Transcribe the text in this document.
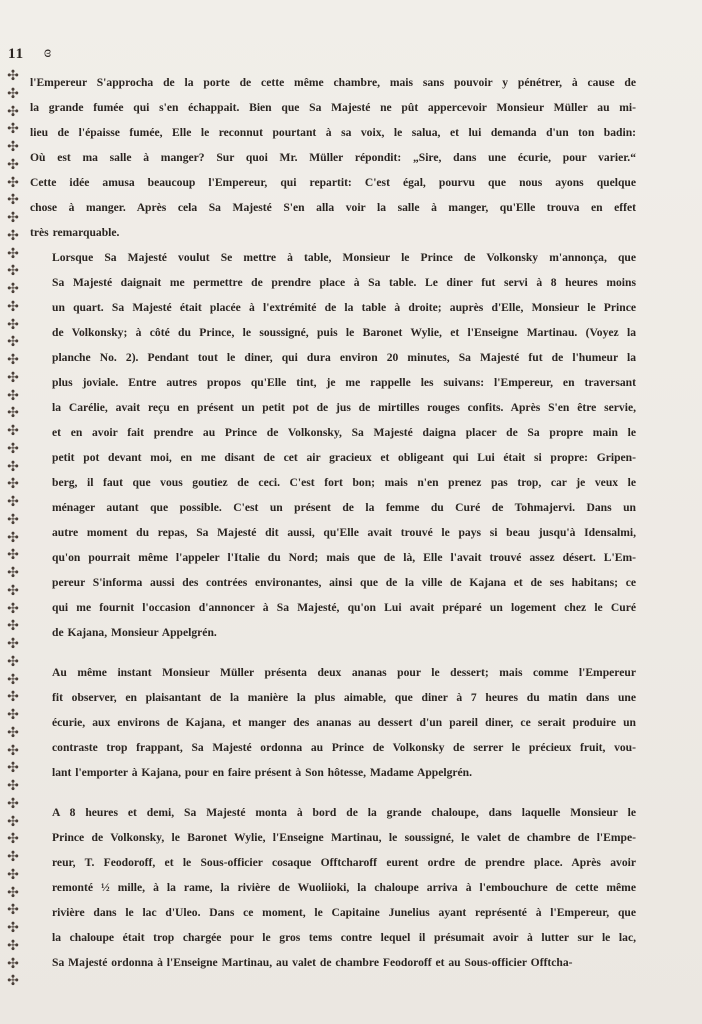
11 ɞ
✣
✣
✣
✣
✣
✣
✣
✣
✣
✣
✣
✣
✣
✣
✣
✣
✣
✣
✣
✣
✣
✣
✣
✣
✣
✣
✣
✣
✣
✣
✣
✣
✣
✣
✣
✣
✣
✣
✣
✣
✣
✣
✣
✣
✣
✣
✣
✣
✣
✣
✣
✣

l'Empereur S'approcha de la porte de cette même chambre, mais sans pouvoir y pénétrer, à cause de
la grande fumée qui s'en échappait. Bien que Sa Majesté ne pût appercevoir Monsieur Müller au mi-
lieu de l'épaisse fumée, Elle le reconnut pourtant à sa voix, le salua, et lui demanda d'un ton badin:
Où est ma salle à manger? Sur quoi Mr. Müller répondit: „Sire, dans une écurie, pour varier.“
Cette idée amusa beaucoup l'Empereur, qui repartit: C'est égal, pourvu que nous ayons quelque
chose à manger. Après cela Sa Majesté S'en alla voir la salle à manger, qu'Elle trouva en effet
très remarquable.

Lorsque Sa Majesté voulut Se mettre à table, Monsieur le Prince de Volkonsky m'annonça, que
Sa Majesté daignait me permettre de prendre place à Sa table. Le diner fut servi à 8 heures moins
un quart. Sa Majesté était placée à l'extrémité de la table à droite; auprès d'Elle, Monsieur le Prince
de Volkonsky; à côté du Prince, le soussigné, puis le Baronet Wylie, et l'Enseigne Martinau. (Voyez la
planche No. 2). Pendant tout le diner, qui dura environ 20 minutes, Sa Majesté fut de l'humeur la
plus joviale. Entre autres propos qu'Elle tint, je me rappelle les suivans: l'Empereur, en traversant
la Carélie, avait reçu en présent un petit pot de jus de mirtilles rouges confits. Après S'en être servie,
et en avoir fait prendre au Prince de Volkonsky, Sa Majesté daigna placer de Sa propre main le
petit pot devant moi, en me disant de cet air gracieux et obligeant qui Lui était si propre: Gripen-
berg, il faut que vous goutiez de ceci. C'est fort bon; mais n'en prenez pas trop, car je veux le
ménager autant que possible. C'est un présent de la femme du Curé de Tohmajervi. Dans un
autre moment du repas, Sa Majesté dit aussi, qu'Elle avait trouvé le pays si beau jusqu'à Idensalmi,
qu'on pourrait même l'appeler l'Italie du Nord; mais que de là, Elle l'avait trouvé assez désert. L'Em-
pereur S'informa aussi des contrées environantes, ainsi que de la ville de Kajana et de ses habitans; ce
qui me fournit l'occasion d'annoncer à Sa Majesté, qu'on Lui avait préparé un logement chez le Curé
de Kajana, Monsieur Appelgrén.

Au même instant Monsieur Müller présenta deux ananas pour le dessert; mais comme l'Empereur
fit observer, en plaisantant de la manière la plus aimable, que diner à 7 heures du matin dans une
écurie, aux environs de Kajana, et manger des ananas au dessert d'un pareil diner, ce serait produire un
contraste trop frappant, Sa Majesté ordonna au Prince de Volkonsky de serrer le précieux fruit, vou-
lant l'emporter à Kajana, pour en faire présent à Son hôtesse, Madame Appelgrén.

A 8 heures et demi, Sa Majesté monta à bord de la grande chaloupe, dans laquelle Monsieur le
Prince de Volkonsky, le Baronet Wylie, l'Enseigne Martinau, le soussigné, le valet de chambre de l'Empe-
reur, T. Feodoroff, et le Sous-officier cosaque Offtcharoff eurent ordre de prendre place. Après avoir
remonté ½ mille, à la rame, la rivière de Wuoliioki, la chaloupe arriva à l'embouchure de cette même
rivière dans le lac d'Uleo. Dans ce moment, le Capitaine Junelius ayant représenté à l'Empereur, que
la chaloupe était trop chargée pour le gros tems contre lequel il présumait avoir à lutter sur le lac,
Sa Majesté ordonna à l'Enseigne Martinau, au valet de chambre Feodoroff et au Sous-officier Offtcha-
